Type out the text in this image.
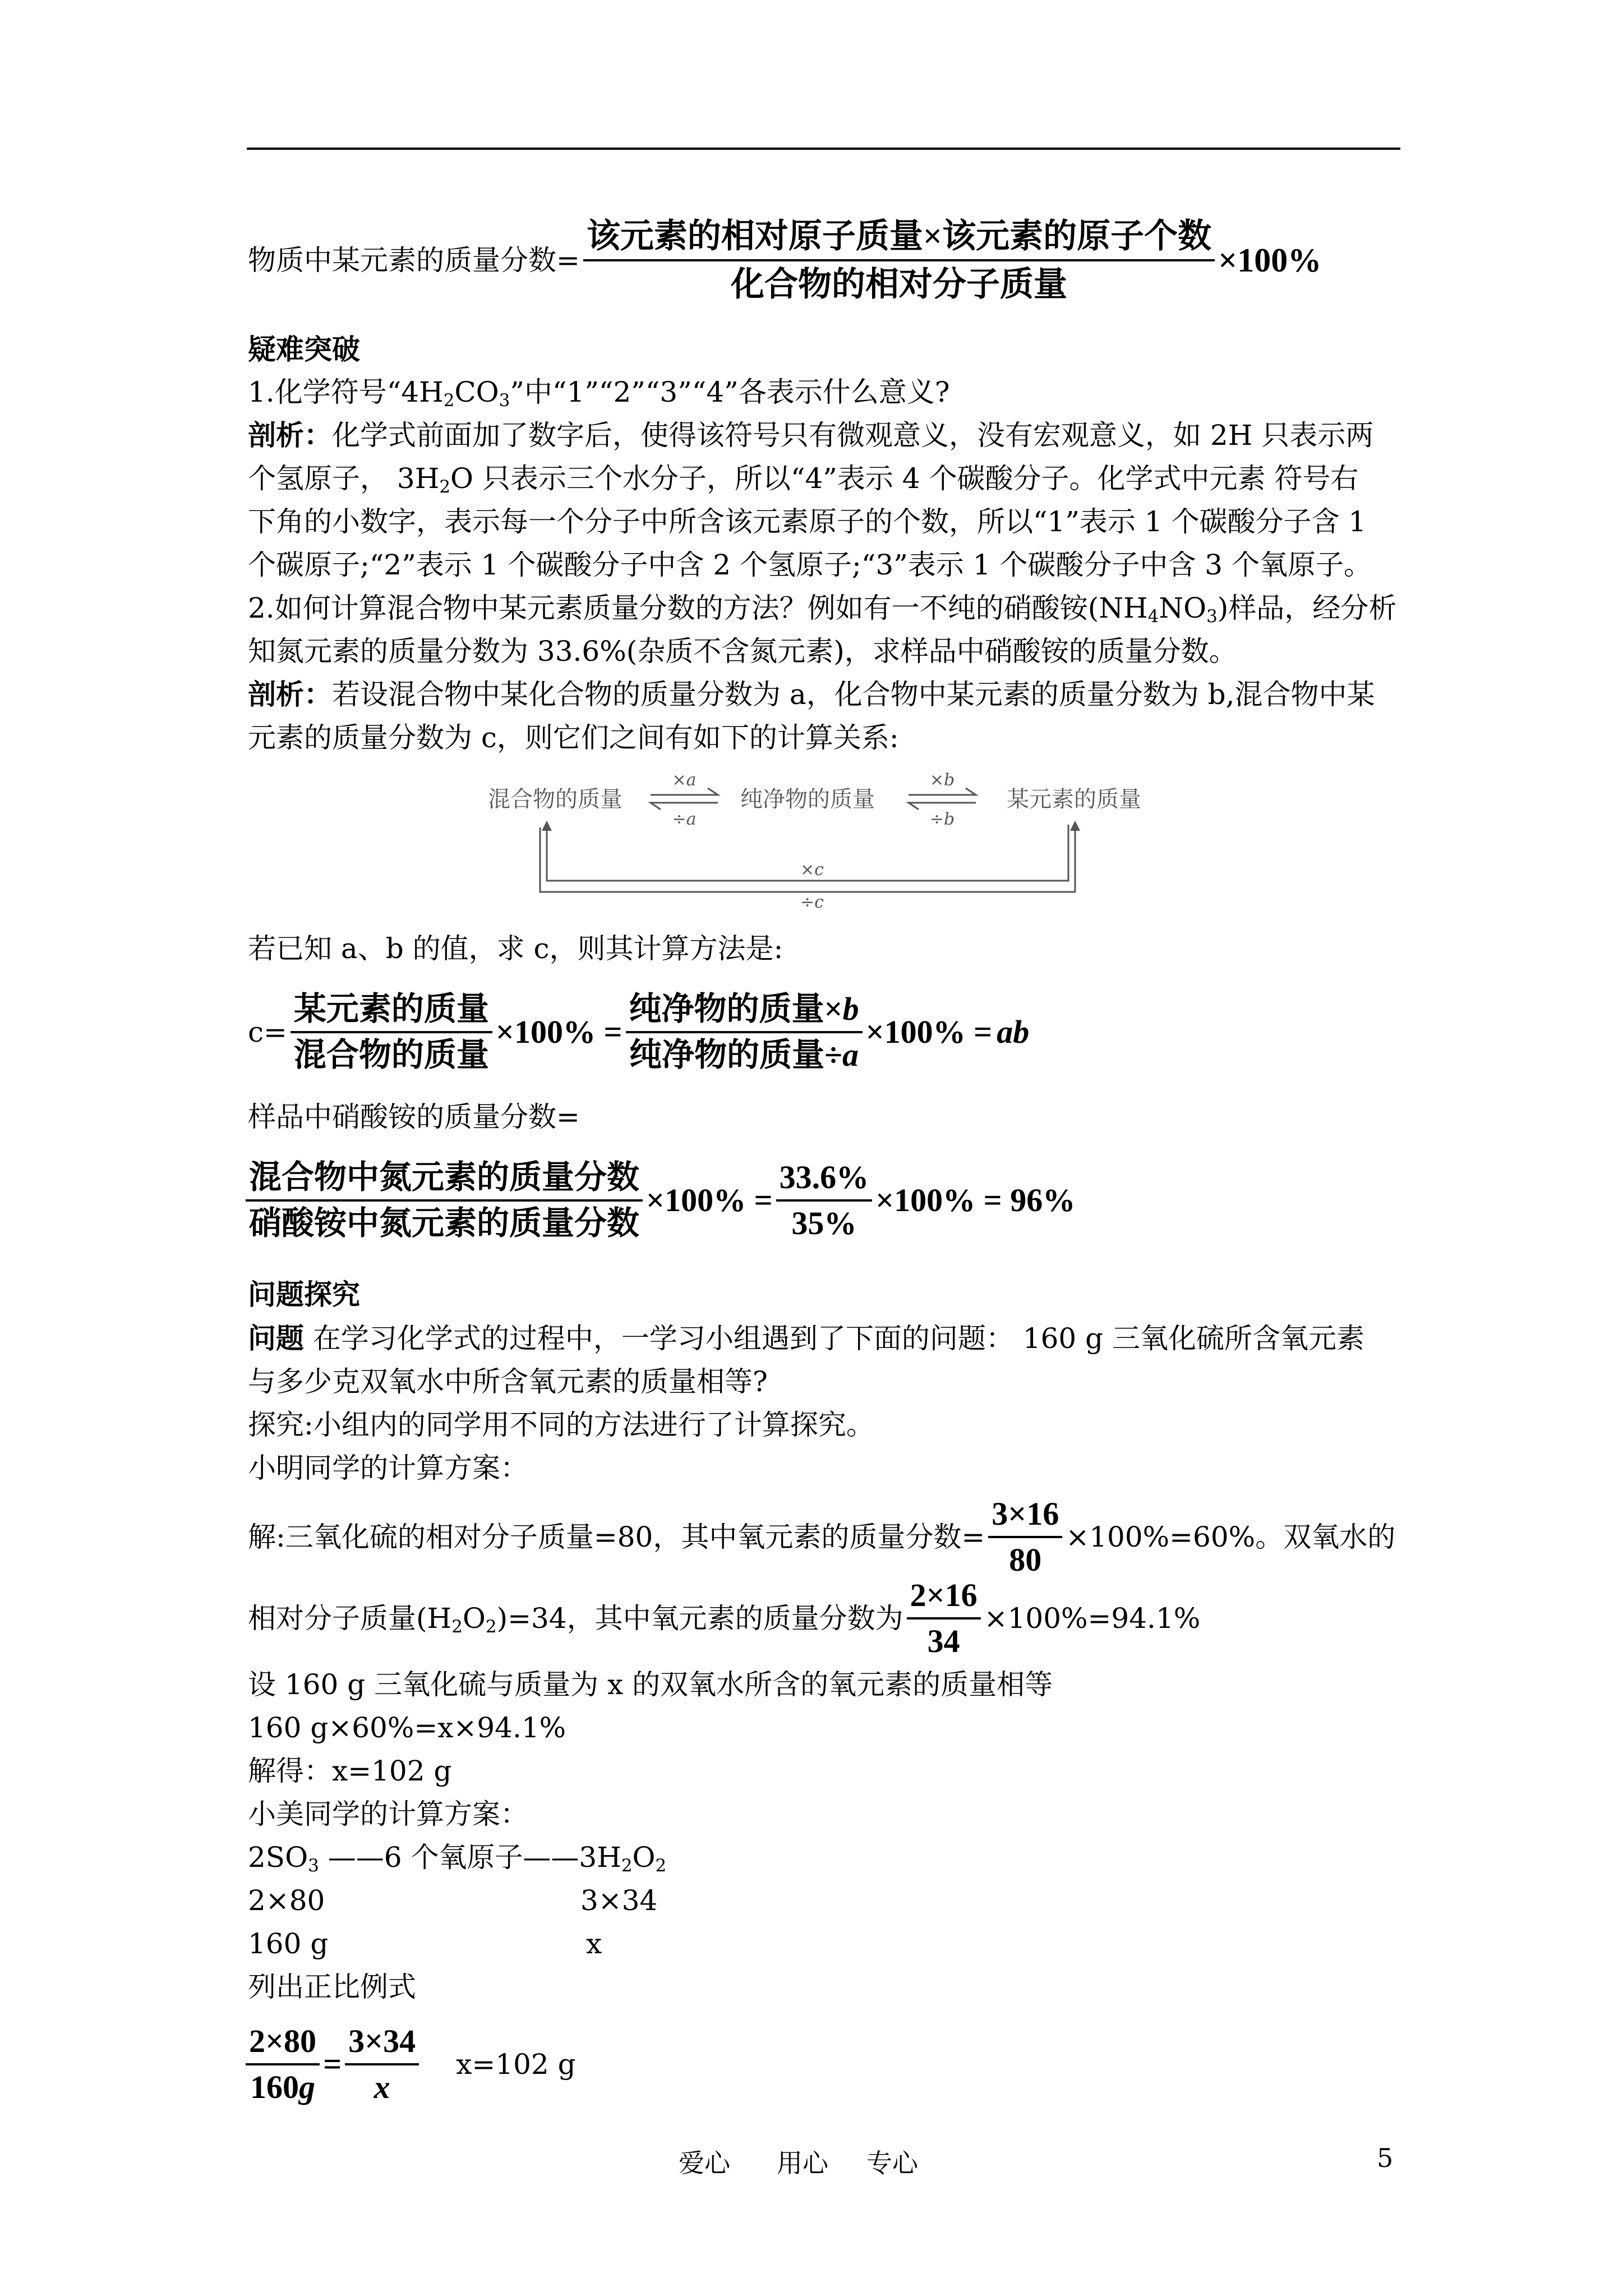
物质中某元素的质量分数= $\frac{\text{该元素的相对原子质量×该元素的原子个数}}{\text{化合物的相对分子质量}} \times 100\%$
疑难突破
1.化学符号“$4H_2CO_3$”中“1”“2”“3”“4”各表示什么意义?
剖析：化学式前面加了数字后，使得该符号只有微观意义，没有宏观意义，如 2H 只表示两
个氢原子， $3H_2O$ 只表示三个水分子，所以“4”表示 4 个碳酸分子。化学式中元素 符号右
下角的小数字，表示每一个分子中所含该元素原子的个数，所以“1”表示 1 个碳酸分子含 1
个碳原子;“2”表示 1 个碳酸分子中含 2 个氢原子;“3”表示 1 个碳酸分子中含 3 个氧原子。
2.如何计算混合物中某元素质量分数的方法？例如有一不纯的硝酸铵$(NH_4NO_3)$样品，经分析
知氮元素的质量分数为 33.6%(杂质不含氮元素)，求样品中硝酸铵的质量分数。
剖析：若设混合物中某化合物的质量分数为 a，化合物中某元素的质量分数为 b,混合物中某
元素的质量分数为 c，则它们之间有如下的计算关系:
混合物的质量	纯净物的质量	某元素的质量
×a
÷a
×b
÷b
×c
÷c
若已知 a、b 的值，求 c，则其计算方法是:
$c= \frac{\text{某元素的质量}}{\text{混合物的质量}} \times 100\% = \frac{\text{纯净物的质量×b}}{\text{纯净物的质量÷a}} \times 100\%$ = ab
样品中硝酸铵的质量分数=
$\frac{\text{混合物中氮元素的质量分数}}{\text{硝酸铵中氮元素的质量分数}} \times 100\% = \frac{33.6\%}{35\%} \times 100\% = 96\%$
问题探究
问题 在学习化学式的过程中，一学习小组遇到了下面的问题： 160 g 三氧化硫所含氧元素
与多少克双氧水中所含氧元素的质量相等?
探究:小组内的同学用不同的方法进行了计算探究。
小明同学的计算方案：
解:三氧化硫的相对分子质量=80，其中氧元素的质量分数= $\frac{3\times 16}{80} \times 100\%=60\%$。双氧水的
相对分子质量$(H_2O_2)=34$，其中氧元素的质量分数为 $\frac{2\times 16}{34} \times 100\%=94.1\%$
设 160 g 三氧化硫与质量为 x 的双氧水所含的氧元素的质量相等
160 g×60%=x×94.1%
解得：x=102 g
小美同学的计算方案：
$2SO_3$ ——6 个氧原子$——3H_2O_2$
2×80	3×34
160 g	x
列出正比例式
$\frac{2\times 80}{160g} = \frac{3\times 34}{x} x=102$ g
爱心 用心 专心	5
